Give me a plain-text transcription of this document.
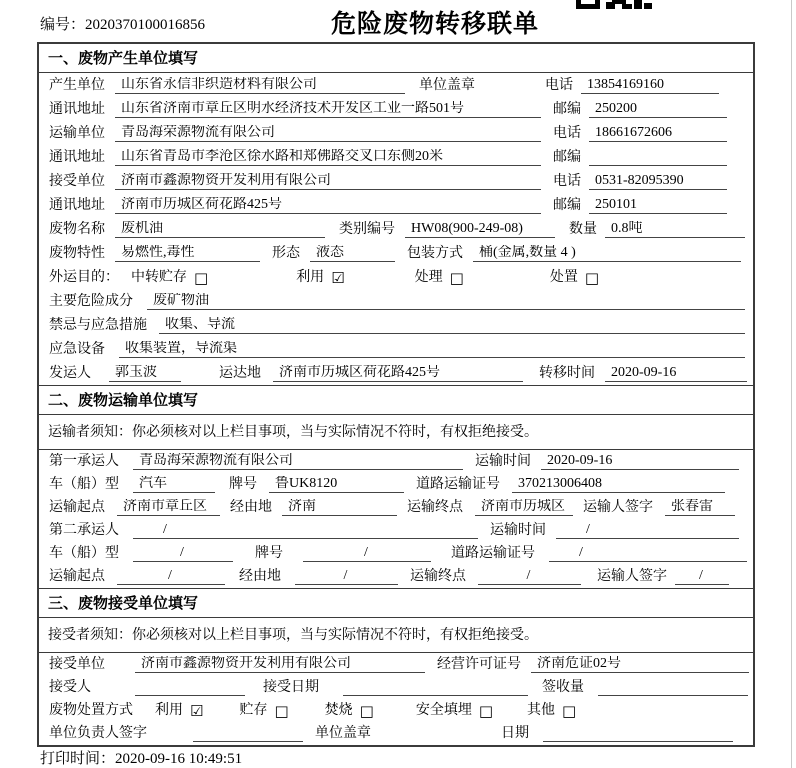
编号：2020370100016856	危险废物转移联单
一、废物产生单位填写
产生单位	山东省永信非织造材料有限公司	单位盖章	电话	13854169160
通讯地址	山东省济南市章丘区明水经济技术开发区工业一路501号	邮编	250200
运输单位	青岛海荣源物流有限公司	电话	18661672606
通讯地址	山东省青岛市李沧区徐水路和郑佛路交叉口东侧20米	邮编
接受单位	济南市鑫源物资开发利用有限公司	电话	0531-82095390
通讯地址	济南市历城区荷花路425号	邮编	250101
废物名称	废机油	类别编号	HW08(900-249-08)	数量	0.8吨
废物特性	易燃性,毒性	形态	液态	包装方式	桶(金属,数量 4 )
外运目的： 中转贮存 □	利用 ☑	处理 □	处置 □
主要危险成分	废矿物油
禁忌与应急措施	收集、导流
应急设备	收集装置，导流渠
发运人	郭玉波	运达地	济南市历城区荷花路425号	转移时间	2020-09-16
二、废物运输单位填写
运输者须知：你必须核对以上栏目事项，当与实际情况不符时，有权拒绝接受。
第一承运人	青岛海荣源物流有限公司	运输时间	2020-09-16
车（船）型	汽车	牌号	鲁UK8120	道路运输证号	370213006408
运输起点	济南市章丘区	经由地	济南	运输终点	济南市历城区	运输人签字	张春雷
第二承运人	/	运输时间	/
车（船）型	/	牌号	/	道路运输证号	/
运输起点	/	经由地	/	运输终点	/	运输人签字	/
三、废物接受单位填写
接受者须知：你必须核对以上栏目事项，当与实际情况不符时，有权拒绝接受。
接受单位	济南市鑫源物资开发利用有限公司	经营许可证号	济南危证02号
接受人	接受日期	签收量
废物处置方式 利用 ☑	贮存 □	焚烧 □	安全填埋 □ 其他 □
单位负责人签字	单位盖章	日期
打印时间：2020-09-16 10:49:51
